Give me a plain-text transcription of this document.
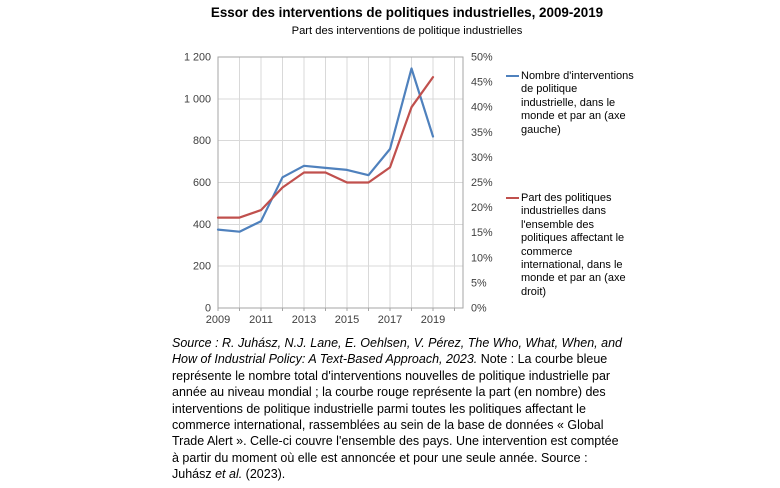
Essor des interventions de politiques industrielles, 2009-2019
Part des interventions de politique industrielles
0
200
400
600
800
1 000
1 200
0%
5%
10%
15%
20%
25%
30%
35%
40%
45%
50%
2009 2011 2013 2015 2017 2019
Nombre d'interventions de politique industrielle, dans le monde et par an (axe gauche)
Part des politiques industrielles dans l'ensemble des politiques affectant le commerce international, dans le monde et par an (axe droit)

Source : R. Juhász, N.J. Lane, E. Oehlsen, V. Pérez, The Who, What, When, and How of Industrial Policy: A Text-Based Approach, 2023.

Note : La courbe bleue représente le nombre total d'interventions nouvelles de politique industrielle par année au niveau mondial ; la courbe rouge représente la part (en nombre) des interventions de politique industrielle parmi toutes les politiques affectant le commerce international, rassemblées au sein de la base de données « Global Trade Alert ». Celle-ci couvre l'ensemble des pays. Une intervention est comptée à partir du moment où elle est annoncée et pour une seule année. Source : Juhász et al. (2023).
